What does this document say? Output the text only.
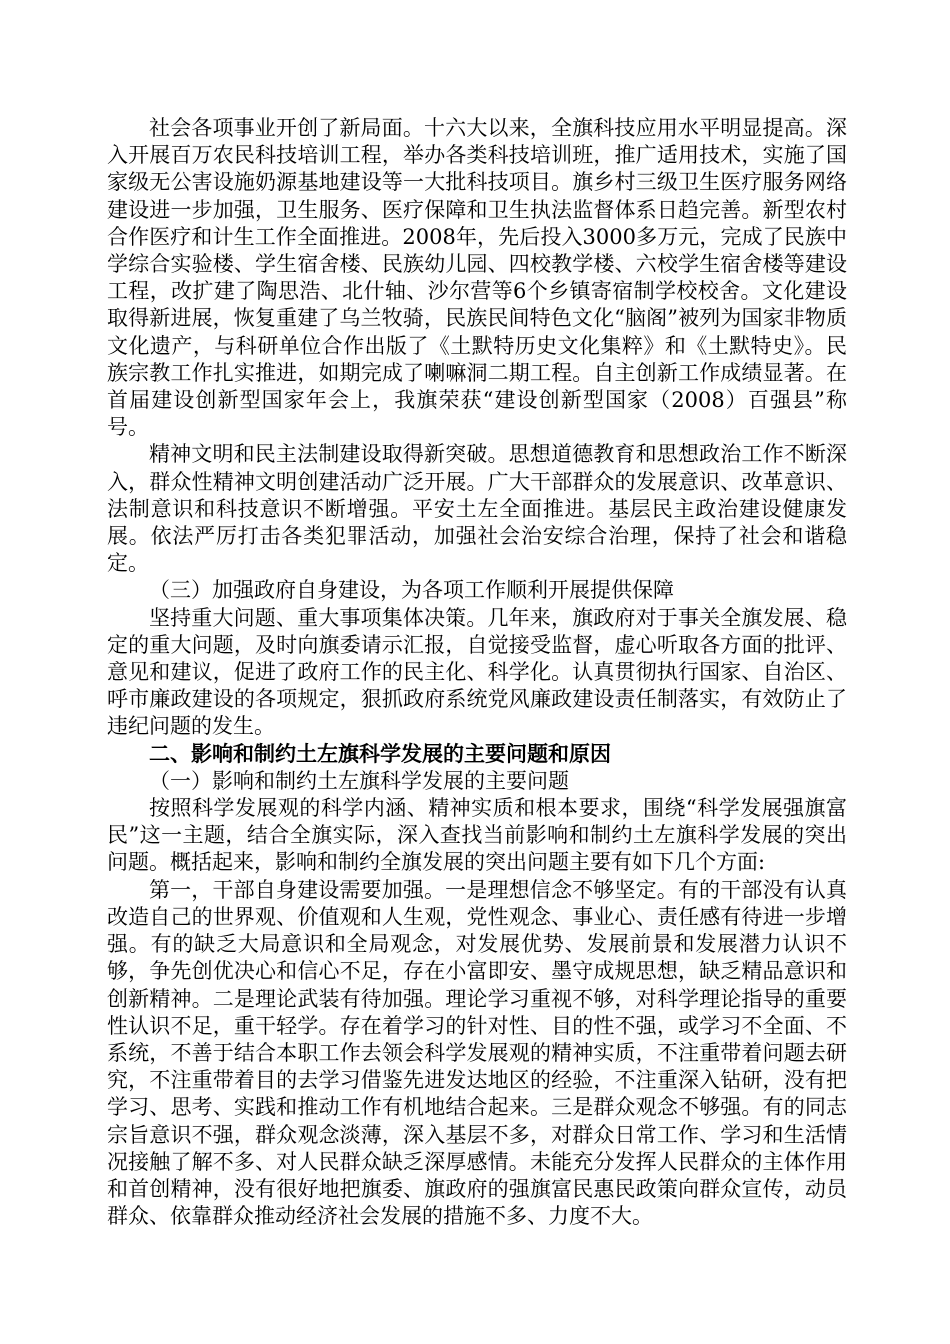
社会各项事业开创了新局面。十六大以来，全旗科技应用水平明显提高。深入开展百万农民科技培训工程，举办各类科技培训班，推广适用技术，实施了国家级无公害设施奶源基地建设等一大批科技项目。旗乡村三级卫生医疗服务网络建设进一步加强，卫生服务、医疗保障和卫生执法监督体系日趋完善。新型农村合作医疗和计生工作全面推进。2008年，先后投入3000多万元，完成了民族中学综合实验楼、学生宿舍楼、民族幼儿园、四校教学楼、六校学生宿舍楼等建设工程，改扩建了陶思浩、北什轴、沙尔营等6个乡镇寄宿制学校校舍。文化建设取得新进展，恢复重建了乌兰牧骑，民族民间特色文化“脑阁”被列为国家非物质文化遗产，与科研单位合作出版了《土默特历史文化集粹》和《土默特史》。民族宗教工作扎实推进，如期完成了喇嘛洞二期工程。自主创新工作成绩显著。在首届建设创新型国家年会上，我旗荣获“建设创新型国家（2008）百强县”称号。

精神文明和民主法制建设取得新突破。思想道德教育和思想政治工作不断深入，群众性精神文明创建活动广泛开展。广大干部群众的发展意识、改革意识、法制意识和科技意识不断增强。平安土左全面推进。基层民主政治建设健康发展。依法严厉打击各类犯罪活动，加强社会治安综合治理，保持了社会和谐稳定。

（三）加强政府自身建设，为各项工作顺利开展提供保障

坚持重大问题、重大事项集体决策。几年来，旗政府对于事关全旗发展、稳定的重大问题，及时向旗委请示汇报，自觉接受监督，虚心听取各方面的批评、意见和建议，促进了政府工作的民主化、科学化。认真贯彻执行国家、自治区、呼市廉政建设的各项规定，狠抓政府系统党风廉政建设责任制落实，有效防止了违纪问题的发生。

二、影响和制约土左旗科学发展的主要问题和原因

（一）影响和制约土左旗科学发展的主要问题

按照科学发展观的科学内涵、精神实质和根本要求，围绕“科学发展强旗富民”这一主题，结合全旗实际，深入查找当前影响和制约土左旗科学发展的突出问题。概括起来，影响和制约全旗发展的突出问题主要有如下几个方面:

第一，干部自身建设需要加强。一是理想信念不够坚定。有的干部没有认真改造自己的世界观、价值观和人生观，党性观念、事业心、责任感有待进一步增强。有的缺乏大局意识和全局观念，对发展优势、发展前景和发展潜力认识不够，争先创优决心和信心不足，存在小富即安、墨守成规思想，缺乏精品意识和创新精神。二是理论武装有待加强。理论学习重视不够，对科学理论指导的重要性认识不足，重干轻学。存在着学习的针对性、目的性不强，或学习不全面、不系统，不善于结合本职工作去领会科学发展观的精神实质，不注重带着问题去研究，不注重带着目的去学习借鉴先进发达地区的经验，不注重深入钻研，没有把学习、思考、实践和推动工作有机地结合起来。三是群众观念不够强。有的同志宗旨意识不强，群众观念淡薄，深入基层不多，对群众日常工作、学习和生活情况接触了解不多、对人民群众缺乏深厚感情。未能充分发挥人民群众的主体作用和首创精神，没有很好地把旗委、旗政府的强旗富民惠民政策向群众宣传，动员群众、依靠群众推动经济社会发展的措施不多、力度不大。
